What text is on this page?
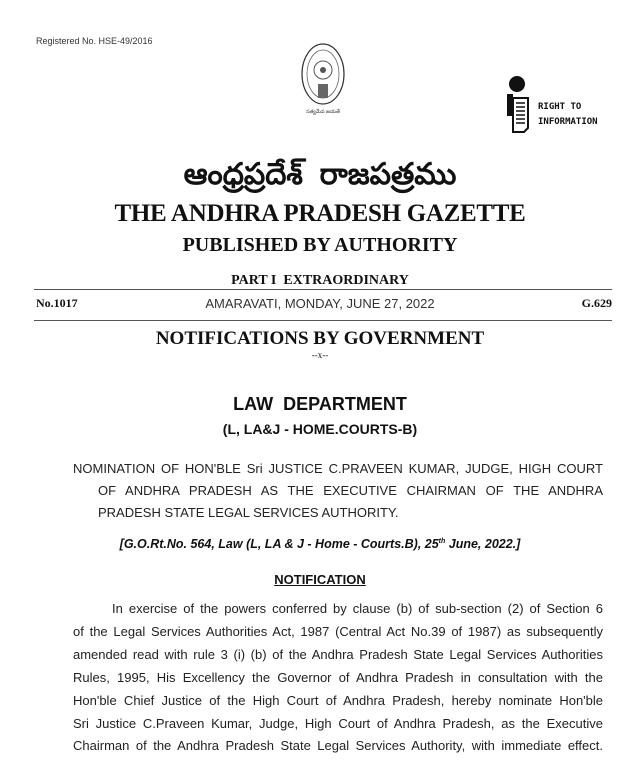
Registered No. HSE-49/2016
సత్యమేవ జయతే	RIGHT TO
INFORMATION
ఆంధ్రప్రదేశ్  రాజపత్రము
THE ANDHRA PRADESH GAZETTE
PUBLISHED BY AUTHORITY
PART I  EXTRAORDINARY
No.1017	AMARAVATI, MONDAY, JUNE 27, 2022	G.629
NOTIFICATIONS BY GOVERNMENT
--x--
LAW  DEPARTMENT
(L, LA&J - HOME.COURTS-B)
NOMINATION OF HON'BLE Sri JUSTICE C.PRAVEEN KUMAR, JUDGE, HIGH COURT
OF ANDHRA PRADESH AS THE EXECUTIVE CHAIRMAN OF THE ANDHRA
PRADESH STATE LEGAL SERVICES AUTHORITY.
[G.O.Rt.No. 564, Law (L, LA & J - Home - Courts.B), 25th June, 2022.]
NOTIFICATION
In exercise of the powers conferred by clause (b) of sub-section (2) of Section 6
of the Legal Services Authorities Act, 1987 (Central Act No.39 of 1987) as subsequently
amended read with rule 3 (i) (b) of the Andhra Pradesh State Legal Services Authorities
Rules, 1995, His Excellency the Governor of Andhra Pradesh in consultation with the
Hon'ble Chief Justice of the High Court of Andhra Pradesh, hereby nominate Hon'ble
Sri Justice C.Praveen Kumar, Judge, High Court of Andhra Pradesh, as the Executive
Chairman of the Andhra Pradesh State Legal Services Authority, with immediate effect.
